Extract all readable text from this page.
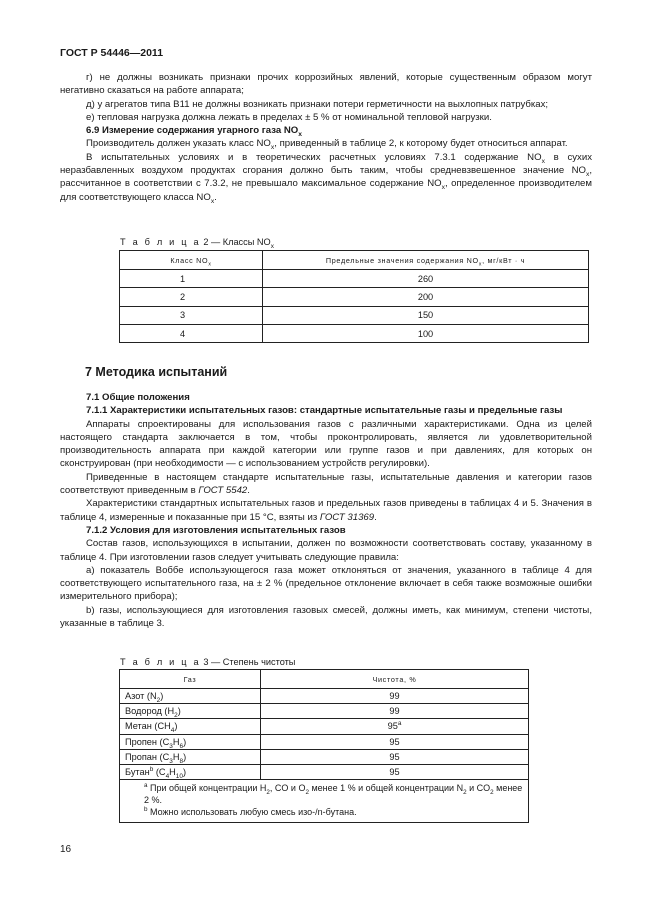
ГОСТ Р 54446—2011

г) не должны возникать признаки прочих коррозийных явлений, которые существенным образом могут негативно сказаться на работе аппарата;

д) у агрегатов типа B11 не должны возникать признаки потери герметичности на выхлопных патрубках;

е) тепловая нагрузка должна лежать в пределах ± 5 % от номинальной тепловой нагрузки.

6.9 Измерение содержания угарного газа $NO_x$

Производитель должен указать класс $NO_x$, приведенный в таблице 2, к которому будет относиться аппарат.

В испытательных условиях и в теоретических расчетных условиях 7.3.1 содержание $NO_x$ в сухих неразбавленных воздухом продуктах сгорания должно быть таким, чтобы средневзвешенное значение $NO_x$, рассчитанное в соответствии с 7.3.2, не превышало максимальное содержание $NO_x$, определенное производителем для соответствующего класса $NO_x$.

Т а б л и ц а 2 — Классы $NO_x$
Класс $NO_x$	Предельные значения содержания $NO_x$, мг/кВт · ч
1	260
2	200
3	150
4	100
7 Методика испытаний

7.1 Общие положения

7.1.1 Характеристики испытательных газов: стандартные испытательные газы и предельные газы

Аппараты спроектированы для использования газов с различными характеристиками. Одна из целей настоящего стандарта заключается в том, чтобы проконтролировать, является ли удовлетворительной производительность аппарата при каждой категории или группе газов и при давлениях, для которых он сконструирован (при необходимости — с использованием устройств регулировки).

Приведенные в настоящем стандарте испытательные газы, испытательные давления и категории газов соответствуют приведенным в ГОСТ 5542.

Характеристики стандартных испытательных газов и предельных газов приведены в таблицах 4 и 5. Значения в таблице 4, измеренные и показанные при 15 °С, взяты из ГОСТ 31369.

7.1.2 Условия для изготовления испытательных газов

Состав газов, использующихся в испытании, должен по возможности соответствовать составу, указанному в таблице 4. При изготовлении газов следует учитывать следующие правила:

а) показатель Воббе использующегося газа может отклоняться от значения, указанного в таблице 4 для соответствующего испытательного газа, на ± 2 % (предельное отклонение включает в себя также возможные ошибки измерительного прибора);

b) газы, использующиеся для изготовления газовых смесей, должны иметь, как минимум, степени чистоты, указанные в таблице 3.

Т а б л и ц а 3 — Степень чистоты
Газ	Чистота, %
Азот $(N_2)$	99
Водород $(H_2)$	99
Метан $(CH_4)$	95$^a$
Пропен $(C_3H_6)$	95
Пропан $(C_3H_8)$	95
Бутан$^b$ $(C_4H_{10})$	95

$^a$ При общей концентрации $H_2$, CO и $O_2$ менее 1 % и общей концентрации $N_2$ и $CO_2$ менее 2 %.
$^b$ Можно использовать любую смесь изо-/n-бутана.	
16
